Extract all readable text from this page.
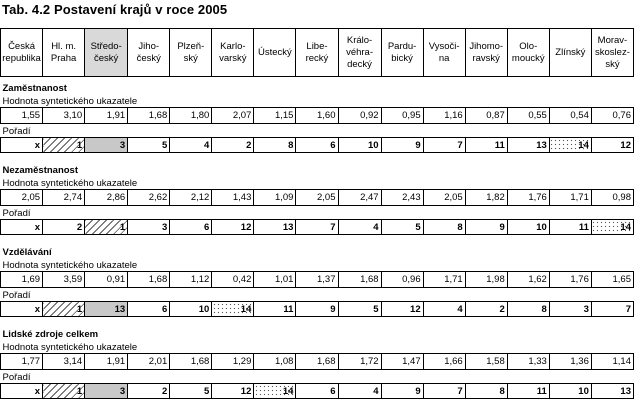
Tab. 4.2 Postavení krajů v roce 2005
Česká republika	Hl. m. Praha	Středo-český	Jiho-český	Plzeň-ský	Karlo-varský	Ústecký	Libe-recký	Králo-véhra-decký	Pardu-bický	Vysoči-na	Jihomo-ravský	Olo-moucký	Zlínský	Morav-skoslez-ský
Zaměstnanost														
Hodnota syntetického ukazatele														
1,55	3,10	1,91	1,68	1,80	2,07	1,15	1,60	0,92	0,95	1,16	0,87	0,55	0,54	0,76
Pořadí														
x	1	3	5	4	2	8	6	10	9	7	11	13	14	12

Nezaměstnanost														
Hodnota syntetického ukazatele														
2,05	2,74	2,86	2,62	2,12	1,43	1,09	2,05	2,47	2,43	2,05	1,82	1,76	1,71	0,98
Pořadí														
x	2	1	3	6	12	13	7	4	5	8	9	10	11	14

Vzdělávání														
Hodnota syntetického ukazatele														
1,69	3,59	0,91	1,68	1,12	0,42	1,01	1,37	1,68	0,96	1,71	1,98	1,62	1,76	1,65
Pořadí														
x	1	13	6	10	14	11	9	5	12	4	2	8	3	7

Lidské zdroje celkem														
Hodnota syntetického ukazatele														
1,77	3,14	1,91	2,01	1,68	1,29	1,08	1,68	1,72	1,47	1,66	1,58	1,33	1,36	1,14
Pořadí														
x	1	3	2	5	12	14	6	4	9	7	8	11	10	13
